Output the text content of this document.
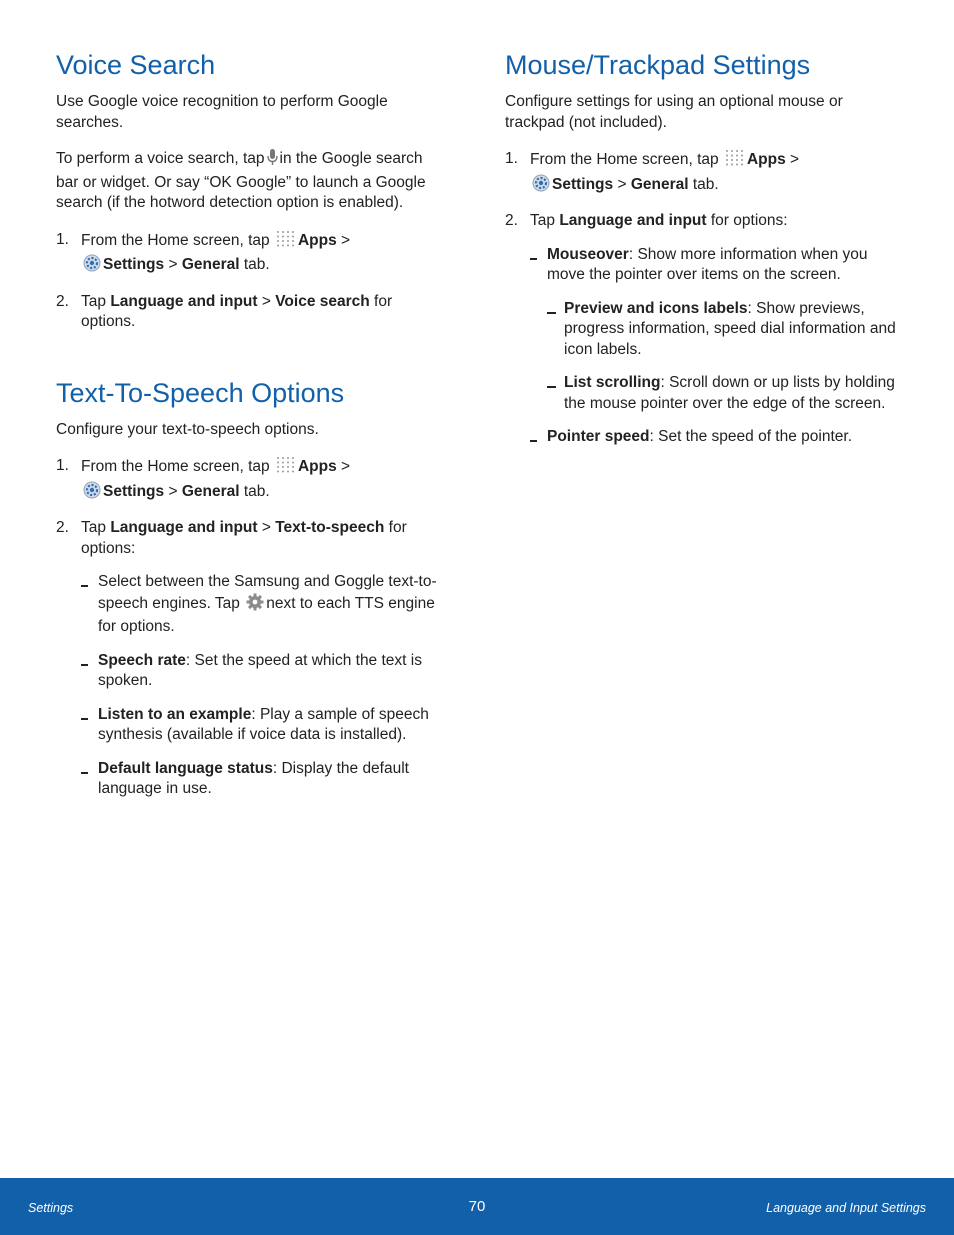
Voice Search

Use Google voice recognition to perform Google searches.

To perform a voice search, tap in the Google search bar or widget. Or say “OK Google” to launch a Google search (if the hotword detection option is enabled).

1. From the Home screen, tap Apps >
Settings > General tab.
2. Tap Language and input > Voice search for options.
Text-To-Speech Options

Configure your text-to-speech options.

1. From the Home screen, tap Apps >
Settings > General tab.
2. Tap Language and input > Text-to-speech for options:
Select between the Samsung and Goggle text-to-speech engines. Tap next to each TTS engine for options.
Speech rate: Set the speed at which the text is spoken.
Listen to an example: Play a sample of speech synthesis (available if voice data is installed).
Default language status: Display the default language in use.
Mouse/Trackpad Settings

Configure settings for using an optional mouse or trackpad (not included).

1. From the Home screen, tap Apps >
Settings > General tab.
2. Tap Language and input for options:
Mouseover: Show more information when you move the pointer over items on the screen.
Preview and icons labels: Show previews, progress information, speed dial information and icon labels.
List scrolling: Scroll down or up lists by holding the mouse pointer over the edge of the screen.
Pointer speed: Set the speed of the pointer.
Settings	70	Language and Input Settings
